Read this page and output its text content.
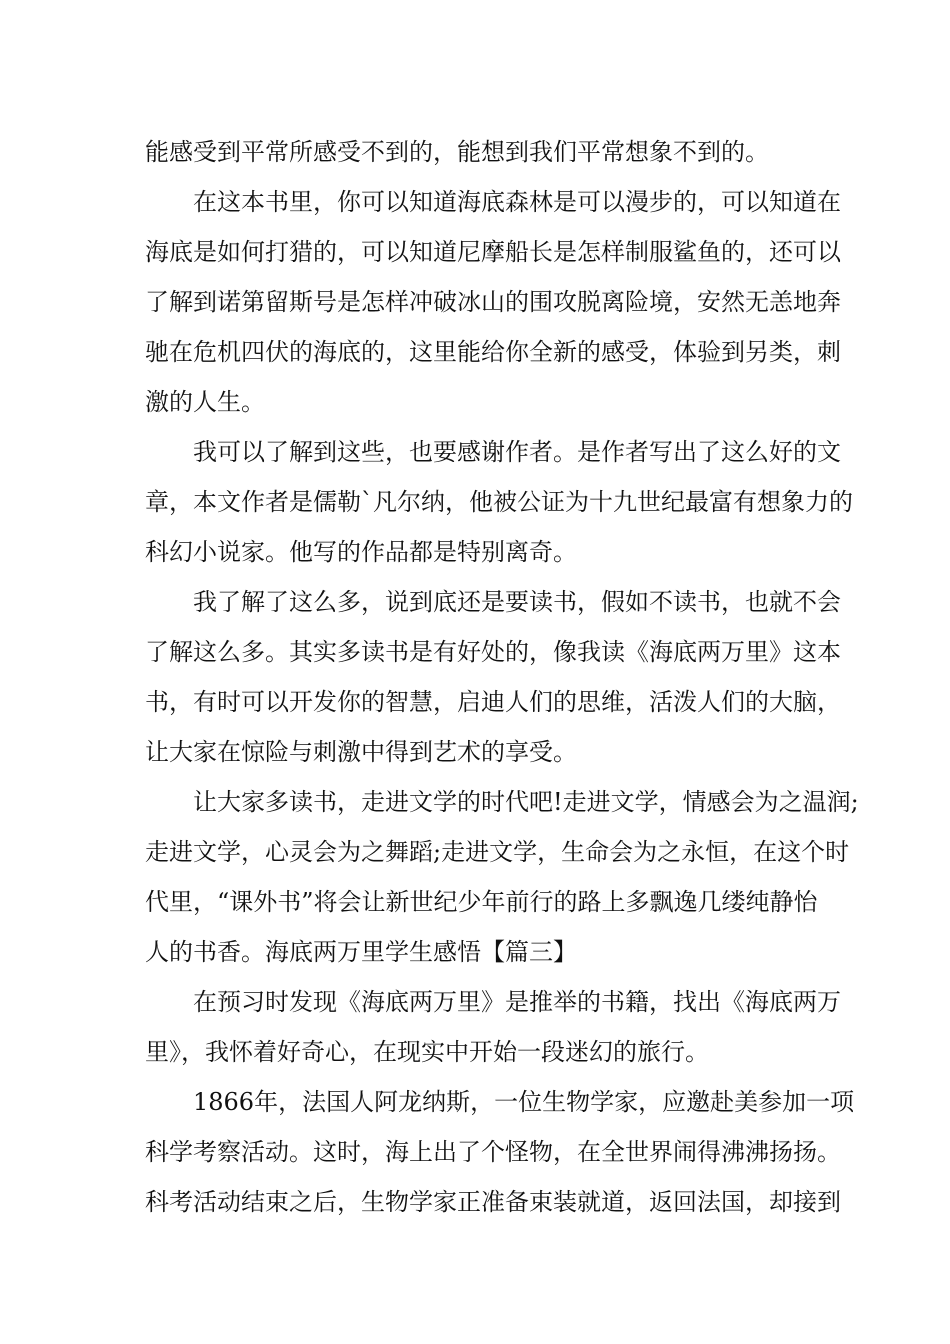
能感受到平常所感受不到的，能想到我们平常想象不到的。
在这本书里，你可以知道海底森林是可以漫步的，可以知道在
海底是如何打猎的，可以知道尼摩船长是怎样制服鲨鱼的，还可以
了解到诺第留斯号是怎样冲破冰山的围攻脱离险境，安然无恙地奔
驰在危机四伏的海底的，这里能给你全新的感受，体验到另类，刺
激的人生。
我可以了解到这些，也要感谢作者。是作者写出了这么好的文
章，本文作者是儒勒`凡尔纳，他被公证为十九世纪最富有想象力的
科幻小说家。他写的作品都是特别离奇。
我了解了这么多，说到底还是要读书，假如不读书，也就不会
了解这么多。其实多读书是有好处的，像我读《海底两万里》这本
书，有时可以开发你的智慧，启迪人们的思维，活泼人们的大脑，
让大家在惊险与刺激中得到艺术的享受。
让大家多读书，走进文学的时代吧!走进文学，情感会为之温润;
走进文学，心灵会为之舞蹈;走进文学，生命会为之永恒，在这个时
代里，“课外书”将会让新世纪少年前行的路上多飘逸几缕纯静怡
人的书香。海底两万里学生感悟【篇三】
在预习时发现《海底两万里》是推举的书籍，找出《海底两万
里》，我怀着好奇心，在现实中开始一段迷幻的旅行。
1866年，法国人阿龙纳斯，一位生物学家，应邀赴美参加一项
科学考察活动。这时，海上出了个怪物，在全世界闹得沸沸扬扬。
科考活动结束之后，生物学家正准备束装就道，返回法国，却接到
